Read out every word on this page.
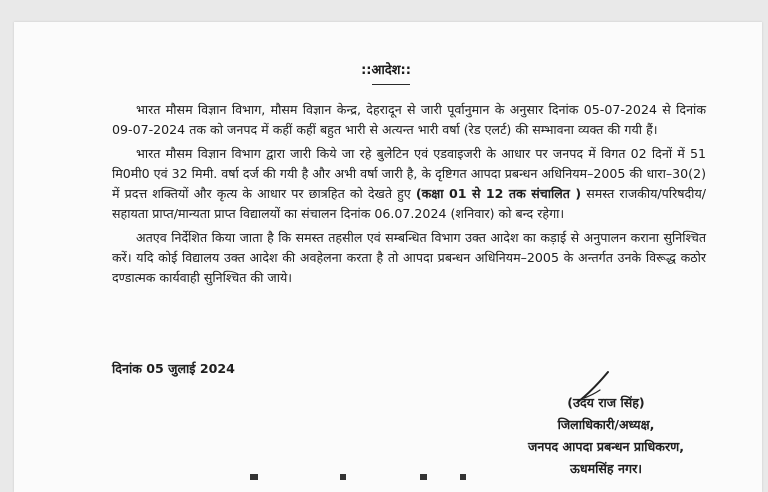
::आदेश::

भारत मौसम विज्ञान विभाग, मौसम विज्ञान केन्द्र, देहरादून से जारी पूर्वानुमान के अनुसार दिनांक 05-07-2024 से दिनांक 09-07-2024 तक को जनपद में कहीं कहीं बहुत भारी से अत्यन्त भारी वर्षा (रेड एलर्ट) की सम्भावना व्यक्त की गयी हैं।

भारत मौसम विज्ञान विभाग द्वारा जारी किये जा रहे बुलेटिन एवं एडवाइजरी के आधार पर जनपद में विगत 02 दिनों में 51 मि0मी0 एवं 32 मिमी. वर्षा दर्ज की गयी है और अभी वर्षा जारी है, के दृष्टिगत आपदा प्रबन्धन अधिनियम–2005 की धारा–30(2) में प्रदत्त शक्तियों और कृत्य के आधार पर छात्रहित को देखते हुए (कक्षा 01 से 12 तक संचालित ) समस्त राजकीय/परिषदीय/सहायता प्राप्त/मान्यता प्राप्त विद्यालयों का संचालन दिनांक 06.07.2024 (शनिवार) को बन्द रहेगा।

अतएव निर्देशित किया जाता है कि समस्त तहसील एवं सम्बन्धित विभाग उक्त आदेश का कड़ाई से अनुपालन कराना सुनिश्चित करें। यदि कोई विद्यालय उक्त आदेश की अवहेलना करता है तो आपदा प्रबन्धन अधिनियम–2005 के अन्तर्गत उनके विरूद्ध कठोर दण्डात्मक कार्यवाही सुनिश्चित की जाये।

दिनांक 05 जुलाई 2024
(उदय राज सिंह)
जिलाधिकारी/अध्यक्ष,
जनपद आपदा प्रबन्धन प्राधिकरण,
ऊधमसिंह नगर।
